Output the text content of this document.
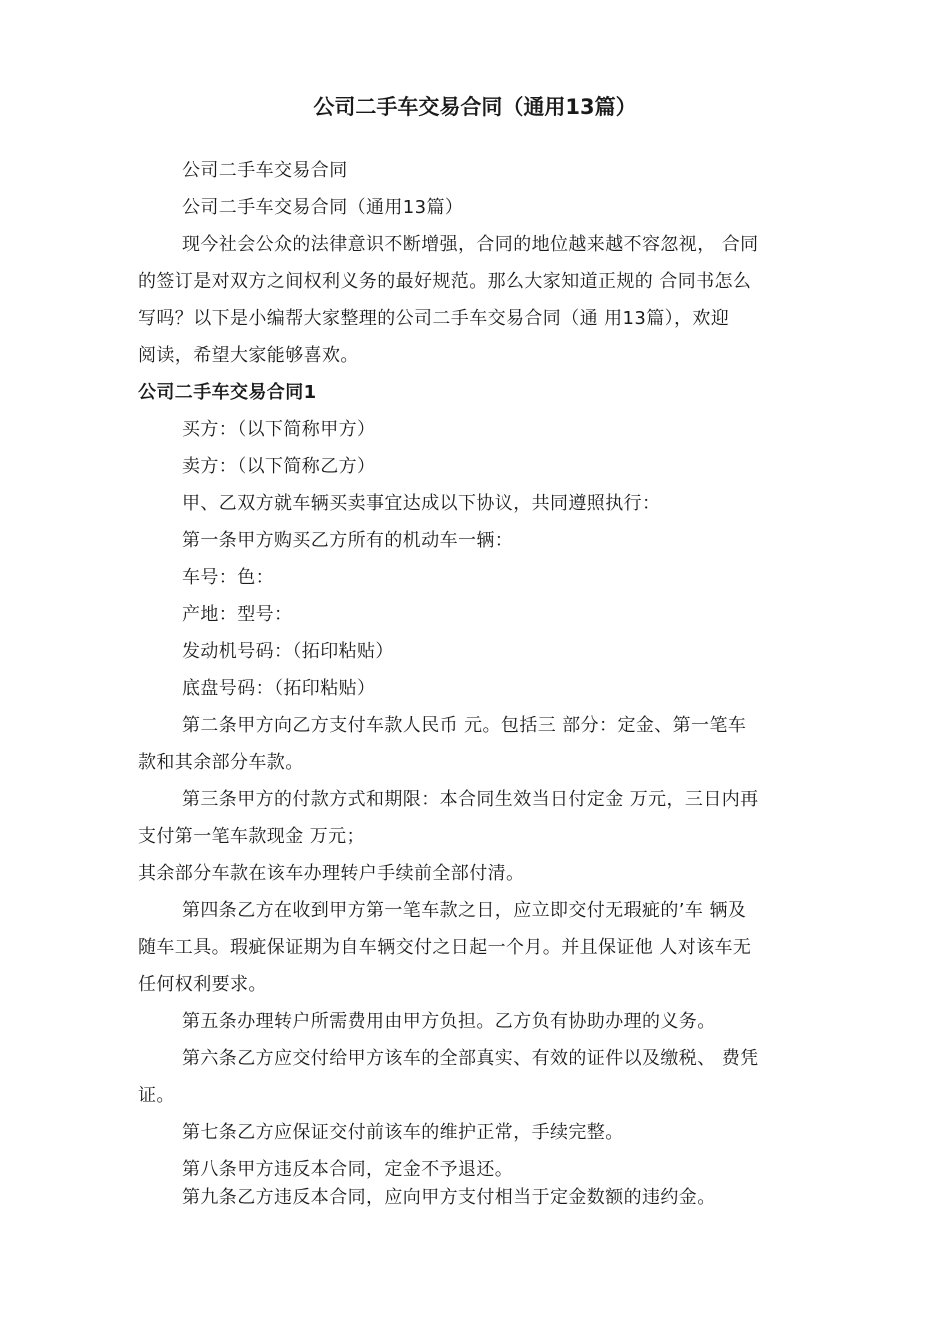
公司二手车交易合同（通用13篇）
公司二手车交易合同
公司二手车交易合同（通用13篇）
现今社会公众的法律意识不断增强，合同的地位越来越不容忽视， 合同
的签订是对双方之间权利义务的最好规范。那么大家知道正规的 合同书怎么
写吗？以下是小编帮大家整理的公司二手车交易合同（通 用13篇），欢迎
阅读，希望大家能够喜欢。
公司二手车交易合同1
买方：（以下简称甲方）
卖方：（以下简称乙方）
甲、乙双方就车辆买卖事宜达成以下协议，共同遵照执行：
第一条甲方购买乙方所有的机动车一辆：
车号：色：
产地：型号：
发动机号码：（拓印粘贴）
底盘号码：（拓印粘贴）
第二条甲方向乙方支付车款人民币 元。包括三 部分：定金、第一笔车
款和其余部分车款。
第三条甲方的付款方式和期限：本合同生效当日付定金 万元，三日内再
支付第一笔车款现金 万元；
其余部分车款在该车办理转户手续前全部付清。
第四条乙方在收到甲方第一笔车款之日，应立即交付无瑕疵的’车 辆及
随车工具。瑕疵保证期为自车辆交付之日起一个月。并且保证他 人对该车无
任何权利要求。
第五条办理转户所需费用由甲方负担。乙方负有协助办理的义务。
第六条乙方应交付给甲方该车的全部真实、有效的证件以及缴税、 费凭
证。
第七条乙方应保证交付前该车的维护正常，手续完整。
第八条甲方违反本合同，定金不予退还。
第九条乙方违反本合同，应向甲方支付相当于定金数额的违约金。
